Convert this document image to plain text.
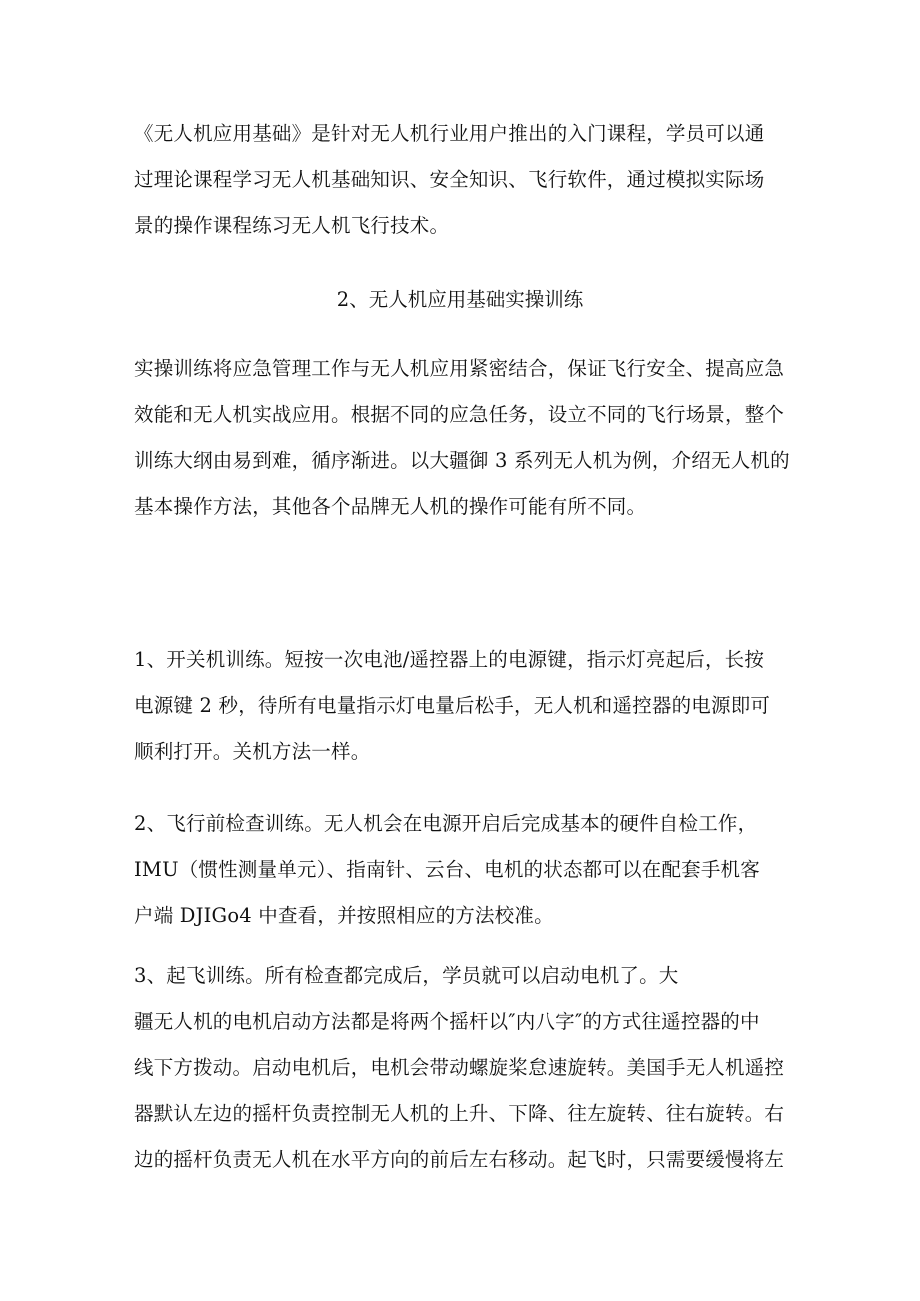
《无人机应用基础》是针对无人机行业用户推出的入门课程，学员可以通
过理论课程学习无人机基础知识、安全知识、飞行软件，通过模拟实际场
景的操作课程练习无人机飞行技术。

2、无人机应用基础实操训练

实操训练将应急管理工作与无人机应用紧密结合，保证飞行安全、提高应急
效能和无人机实战应用。根据不同的应急任务，设立不同的飞行场景，整个
训练大纲由易到难，循序渐进。以大疆御 3 系列无人机为例，介绍无人机的
基本操作方法，其他各个品牌无人机的操作可能有所不同。

1、开关机训练。短按一次电池/遥控器上的电源键，指示灯亮起后，长按
电源键 2 秒，待所有电量指示灯电量后松手，无人机和遥控器的电源即可
顺利打开。关机方法一样。

2、飞行前检查训练。无人机会在电源开启后完成基本的硬件自检工作，
IMU（惯性测量单元）、指南针、云台、电机的状态都可以在配套手机客
户端 DJIGo4 中查看，并按照相应的方法校准。

3、起飞训练。所有检查都完成后，学员就可以启动电机了。大
疆无人机的电机启动方法都是将两个摇杆以″内八字″的方式往遥控器的中
线下方拨动。启动电机后，电机会带动螺旋桨怠速旋转。美国手无人机遥控
器默认左边的摇杆负责控制无人机的上升、下降、往左旋转、往右旋转。右
边的摇杆负责无人机在水平方向的前后左右移动。起飞时，只需要缓慢将左
